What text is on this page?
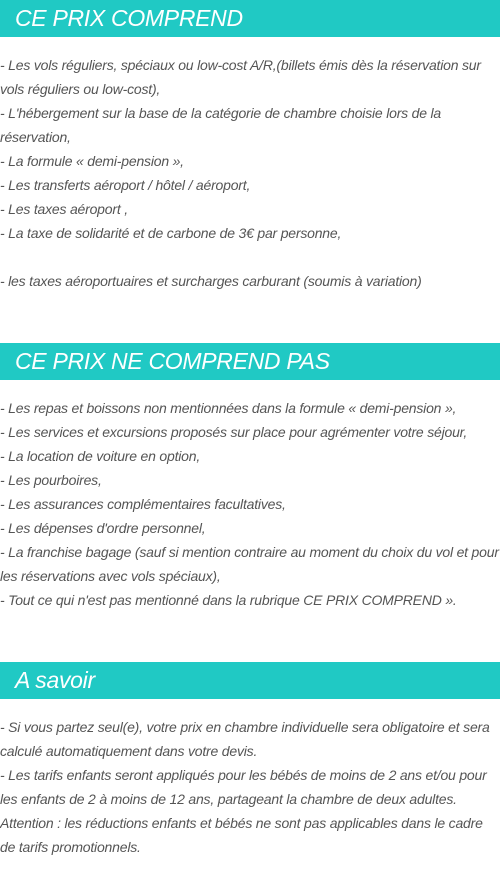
CE PRIX COMPREND

- Les vols réguliers, spéciaux ou low-cost A/R,(billets émis dès la réservation sur vols réguliers ou low-cost),

- L'hébergement sur la base de la catégorie de chambre choisie lors de la réservation,

- La formule « demi-pension »,

- Les transferts aéroport / hôtel / aéroport,

- Les taxes aéroport ,

- La taxe de solidarité et de carbone de 3€ par personne,

- les taxes aéroportuaires et surcharges carburant (soumis à variation)

CE PRIX NE COMPREND PAS

- Les repas et boissons non mentionnées dans la formule « demi-pension »,

- Les services et excursions proposés sur place pour agrémenter votre séjour,

- La location de voiture en option,

- Les pourboires,

- Les assurances complémentaires facultatives,

- Les dépenses d'ordre personnel,

- La franchise bagage (sauf si mention contraire au moment du choix du vol et pour les réservations avec vols spéciaux),

- Tout ce qui n'est pas mentionné dans la rubrique CE PRIX COMPREND ».

A savoir

- Si vous partez seul(e), votre prix en chambre individuelle sera obligatoire et sera calculé automatiquement dans votre devis.

- Les tarifs enfants seront appliqués pour les bébés de moins de 2 ans et/ou pour les enfants de 2 à moins de 12 ans, partageant la chambre de deux adultes.

Attention : les réductions enfants et bébés ne sont pas applicables dans le cadre de tarifs promotionnels.
